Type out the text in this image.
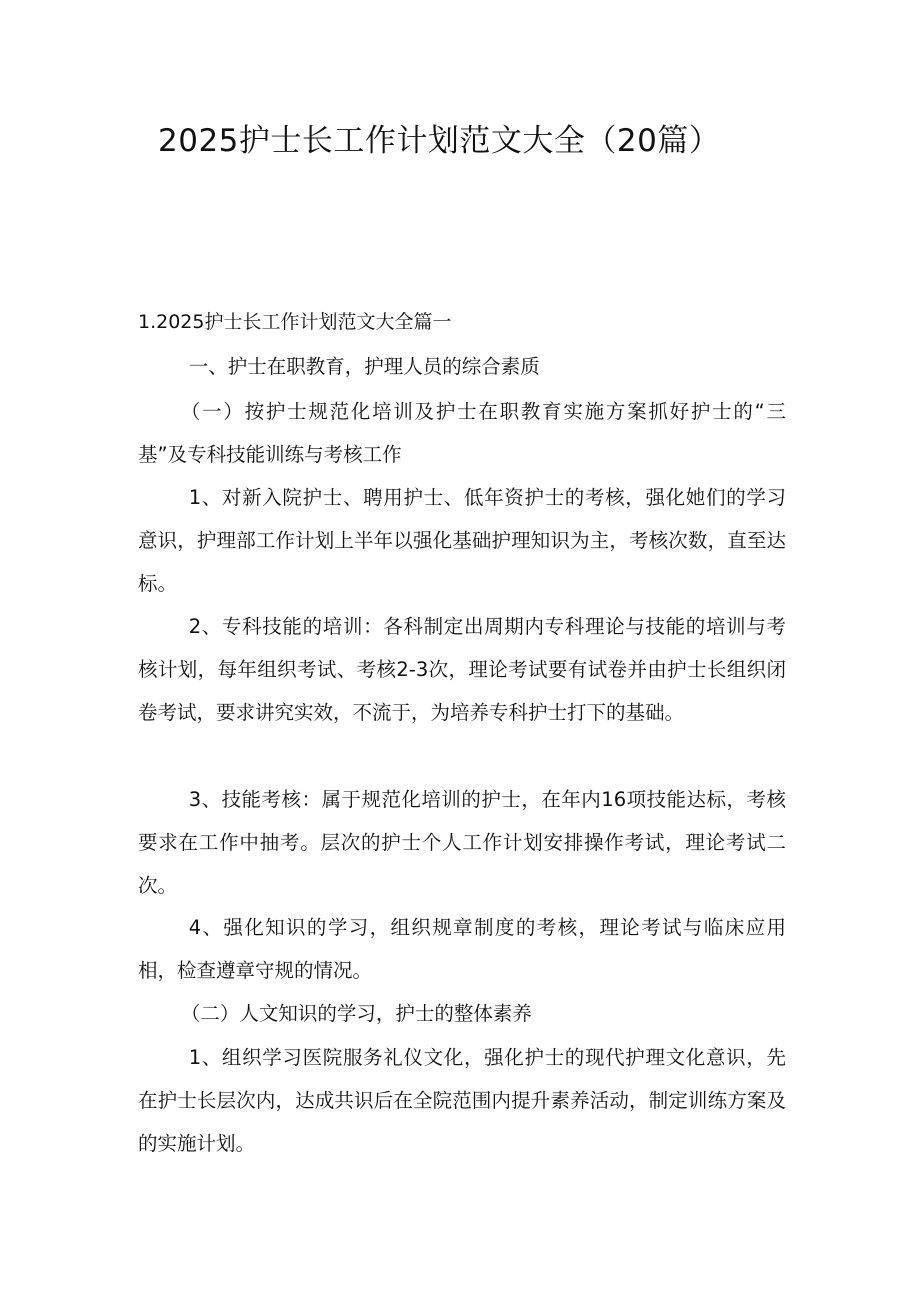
2025护士长工作计划范文大全（20篇）
1.2025护士长工作计划范文大全篇一

一、护士在职教育，护理人员的综合素质

（一）按护士规范化培训及护士在职教育实施方案抓好护士的“三基”及专科技能训练与考核工作

1、对新入院护士、聘用护士、低年资护士的考核，强化她们的学习意识，护理部工作计划上半年以强化基础护理知识为主，考核次数，直至达标。

2、专科技能的培训：各科制定出周期内专科理论与技能的培训与考核计划，每年组织考试、考核2-3次，理论考试要有试卷并由护士长组织闭卷考试，要求讲究实效，不流于，为培养专科护士打下的基础。

3、技能考核：属于规范化培训的护士，在年内16项技能达标，考核要求在工作中抽考。层次的护士个人工作计划安排操作考试，理论考试二次。

4、强化知识的学习，组织规章制度的考核，理论考试与临床应用相，检查遵章守规的情况。

（二）人文知识的学习，护士的整体素养

1、组织学习医院服务礼仪文化，强化护士的现代护理文化意识，先在护士长层次内，达成共识后在全院范围内提升素养活动，制定训练方案及的实施计划。
